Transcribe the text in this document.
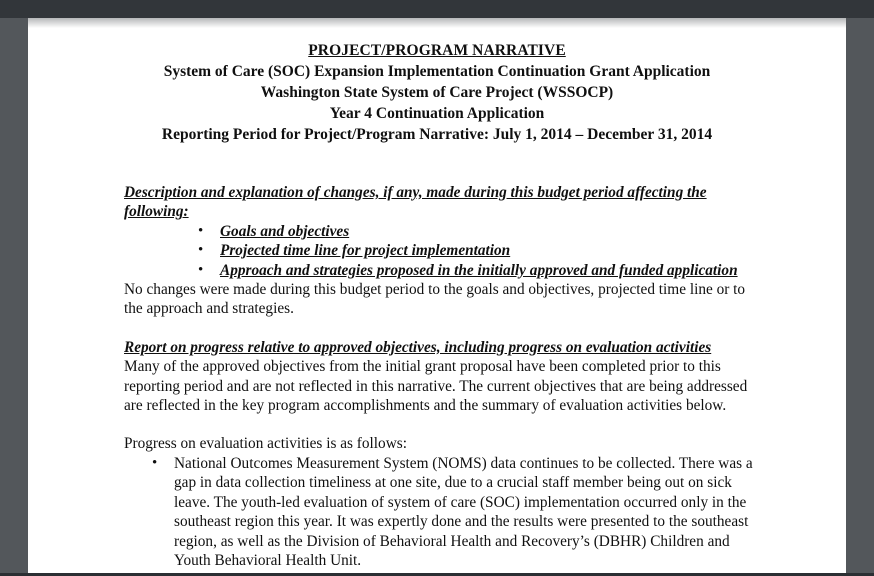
PROJECT/PROGRAM NARRATIVE
System of Care (SOC) Expansion Implementation Continuation Grant Application
Washington State System of Care Project (WSSOCP)
Year 4 Continuation Application
Reporting Period for Project/Program Narrative: July 1, 2014 – December 31, 2014
Description and explanation of changes, if any, made during this budget period affecting the following:
• Goals and objectives
• Projected time line for project implementation
• Approach and strategies proposed in the initially approved and funded application
No changes were made during this budget period to the goals and objectives, projected time line or to the approach and strategies.
Report on progress relative to approved objectives, including progress on evaluation activities
Many of the approved objectives from the initial grant proposal have been completed prior to this reporting period and are not reflected in this narrative. The current objectives that are being addressed are reflected in the key program accomplishments and the summary of evaluation activities below.
Progress on evaluation activities is as follows:
• National Outcomes Measurement System (NOMS) data continues to be collected. There was a gap in data collection timeliness at one site, due to a crucial staff member being out on sick leave. The youth-led evaluation of system of care (SOC) implementation occurred only in the southeast region this year. It was expertly done and the results were presented to the southeast region, as well as the Division of Behavioral Health and Recovery’s (DBHR) Children and Youth Behavioral Health Unit.
